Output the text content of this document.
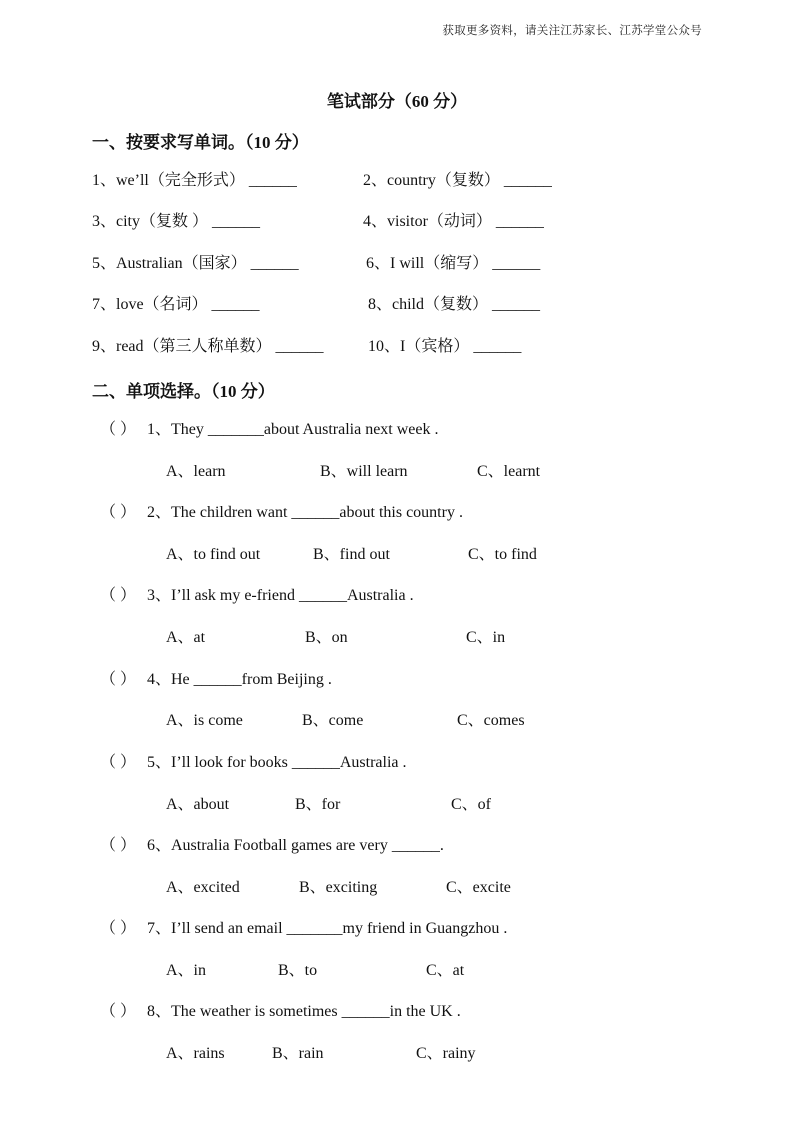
获取更多资料，请关注江苏家长、江苏学堂公众号
笔试部分（60 分）
一、按要求写单词。（10 分）
1、we’ll（完全形式） ______	2、country（复数） ______
3、city（复数 ） ______	4、visitor（动词） ______
5、Australian（国家） ______	6、I will（缩写） ______
7、love（名词） ______	8、child（复数） ______
9、read（第三人称单数） ______	10、I（宾格） ______
二、单项选择。（10 分）
（ ） 1、They _______about Australia next week .
A、learn	B、will learn	C、learnt
（ ） 2、The children want ______about this country .
A、to find out	B、find out	C、to find
（ ） 3、I’ll ask my e-friend ______Australia .
A、at	B、on	C、in
（ ） 4、He ______from Beijing .
A、is come	B、come	C、comes
（ ） 5、I’ll look for books ______Australia .
A、about	B、for	C、of
（ ） 6、Australia Football games are very ______.
A、excited	B、exciting	C、excite
（ ） 7、I’ll send an email _______my friend in Guangzhou .
A、in	B、to	C、at
（ ） 8、The weather is sometimes ______in the UK .
A、rains	B、rain	C、rainy
